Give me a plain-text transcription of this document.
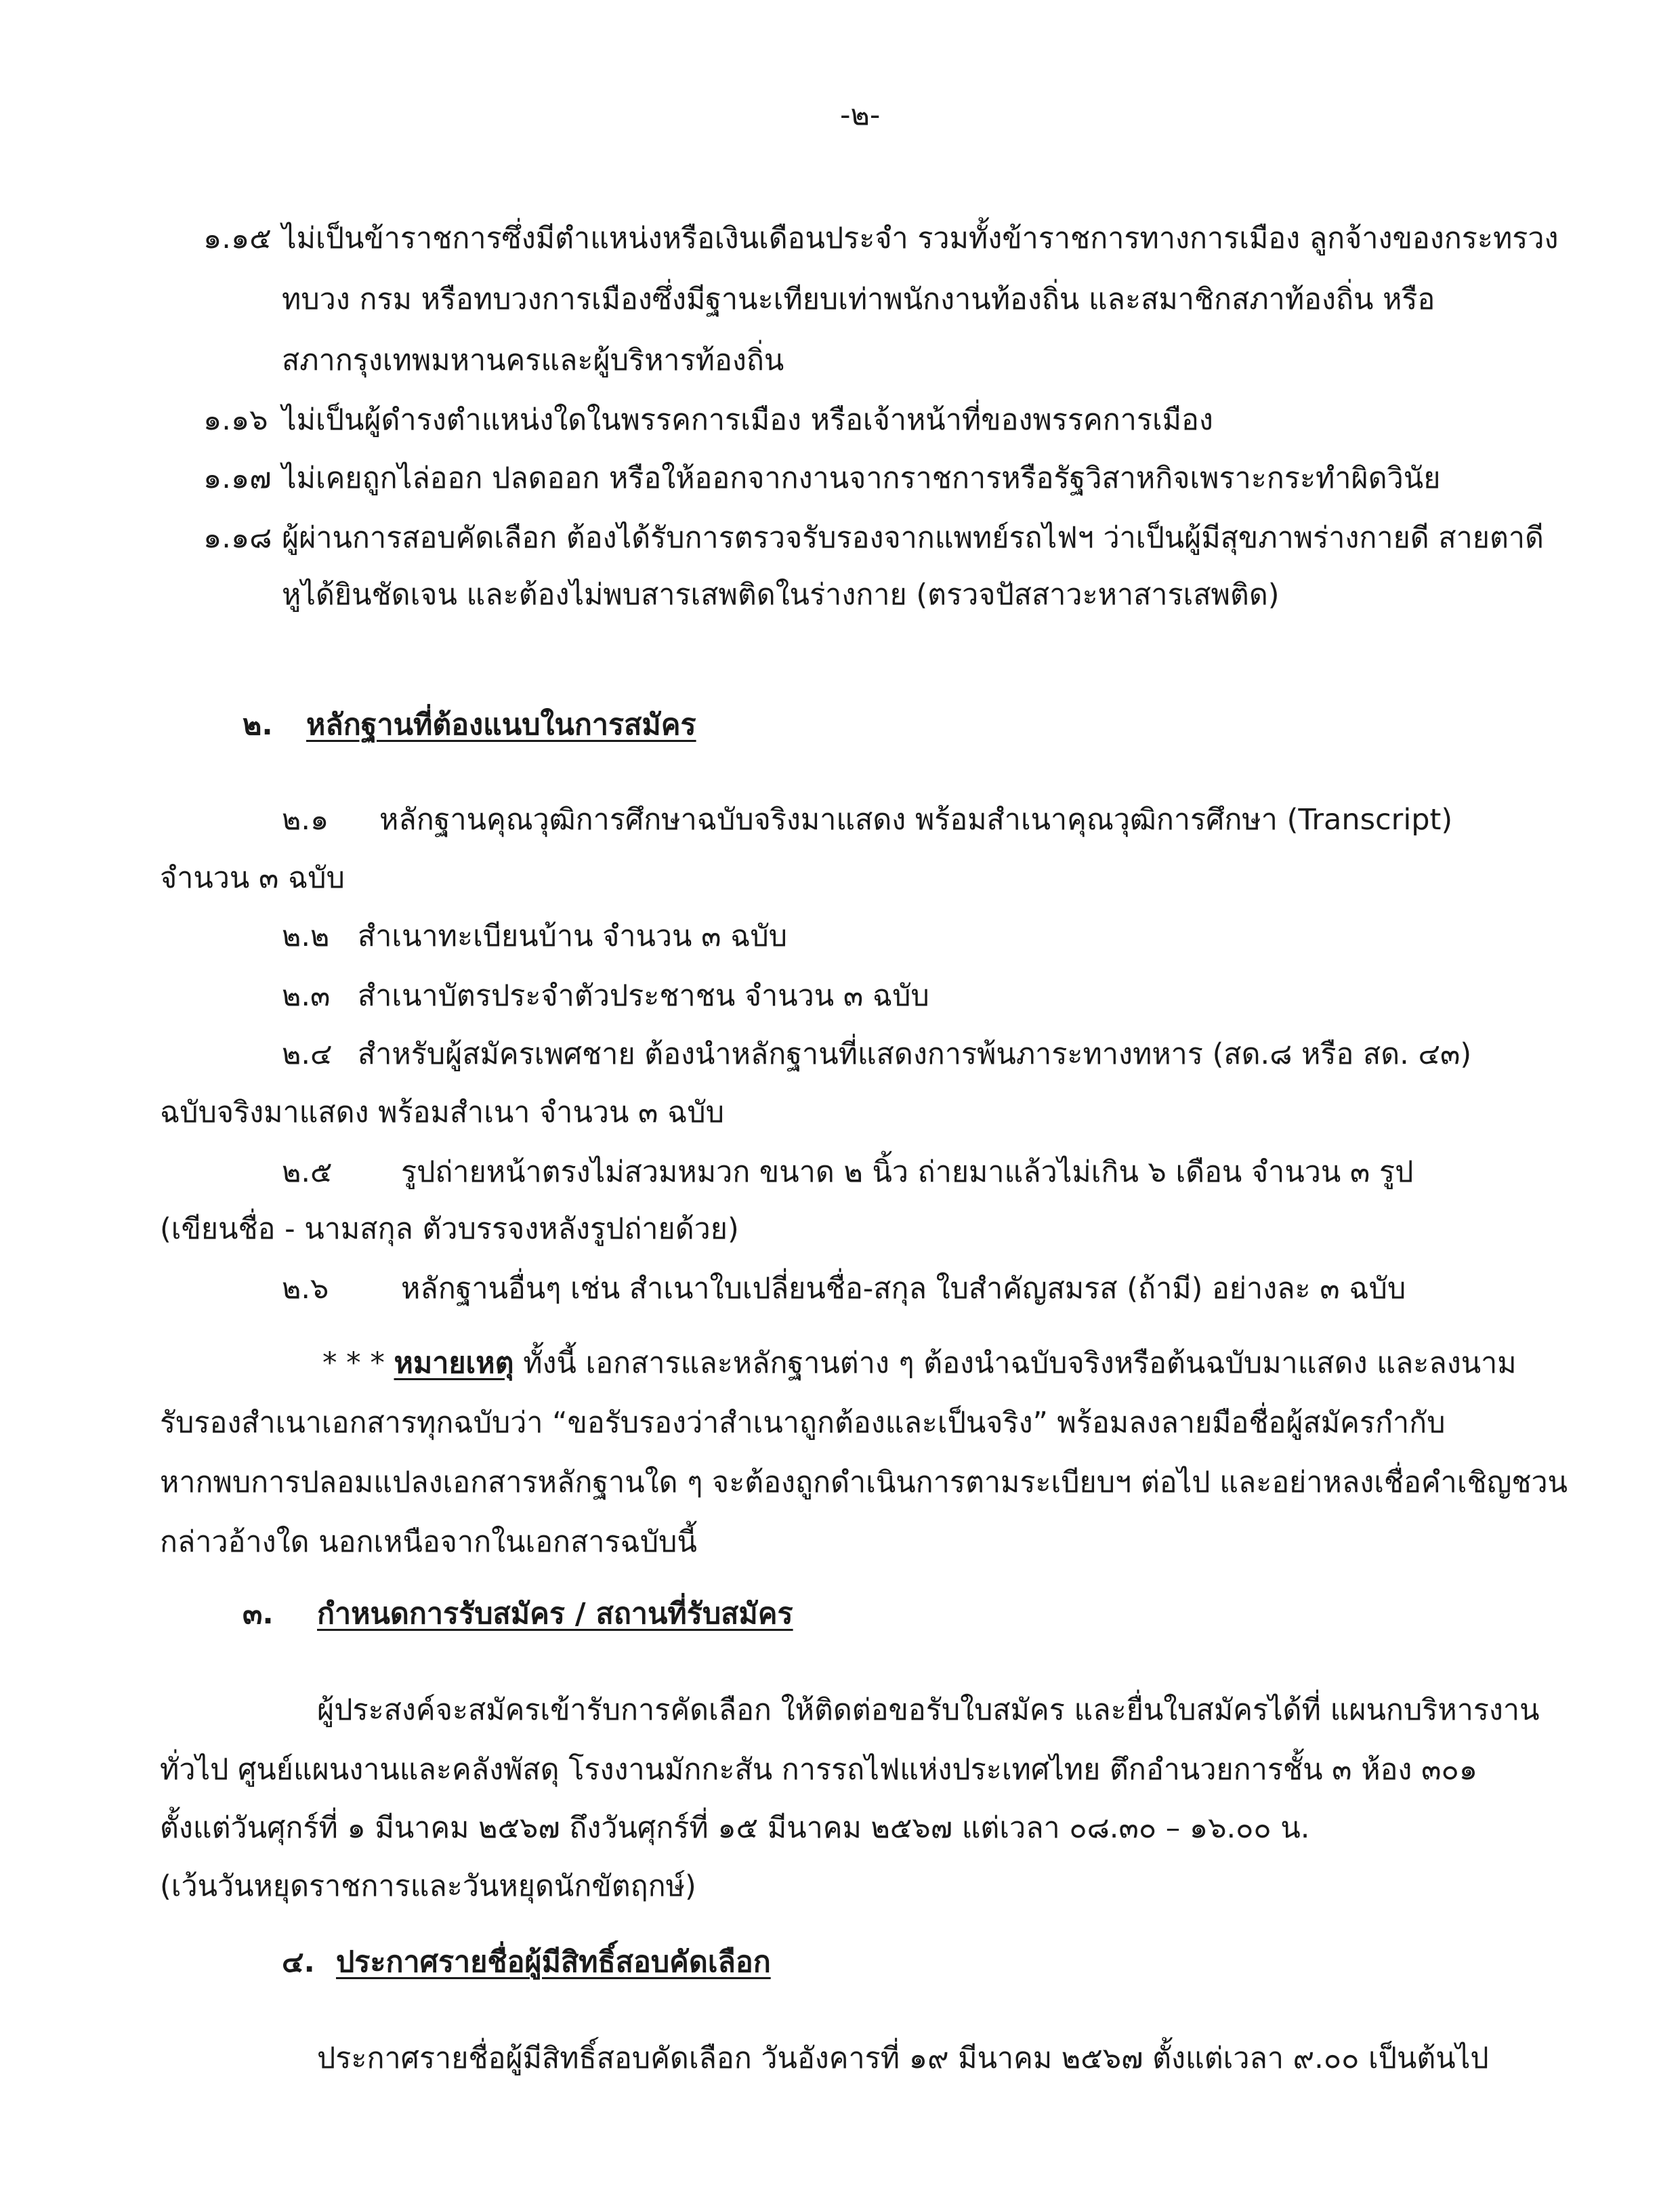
-๒-
๑.๑๕ ไม่เป็นข้าราชการซึ่งมีตำแหน่งหรือเงินเดือนประจำ รวมทั้งข้าราชการทางการเมือง ลูกจ้างของกระทรวง
ทบวง กรม หรือทบวงการเมืองซึ่งมีฐานะเทียบเท่าพนักงานท้องถิ่น และสมาชิกสภาท้องถิ่น หรือ
สภากรุงเทพมหานครและผู้บริหารท้องถิ่น
๑.๑๖ ไม่เป็นผู้ดำรงตำแหน่งใดในพรรคการเมือง หรือเจ้าหน้าที่ของพรรคการเมือง
๑.๑๗ ไม่เคยถูกไล่ออก ปลดออก หรือให้ออกจากงานจากราชการหรือรัฐวิสาหกิจเพราะกระทำผิดวินัย
๑.๑๘ ผู้ผ่านการสอบคัดเลือก ต้องได้รับการตรวจรับรองจากแพทย์รถไฟฯ ว่าเป็นผู้มีสุขภาพร่างกายดี สายตาดี
หูได้ยินชัดเจน และต้องไม่พบสารเสพติดในร่างกาย (ตรวจปัสสาวะหาสารเสพติด)
๒. หลักฐานที่ต้องแนบในการสมัคร
๒.๑ หลักฐานคุณวุฒิการศึกษาฉบับจริงมาแสดง พร้อมสำเนาคุณวุฒิการศึกษา (Transcript)
จำนวน ๓ ฉบับ
๒.๒ สำเนาทะเบียนบ้าน จำนวน ๓ ฉบับ
๒.๓ สำเนาบัตรประจำตัวประชาชน จำนวน ๓ ฉบับ
๒.๔ สำหรับผู้สมัครเพศชาย ต้องนำหลักฐานที่แสดงการพ้นภาระทางทหาร (สด.๘ หรือ สด. ๔๓)
ฉบับจริงมาแสดง พร้อมสำเนา จำนวน ๓ ฉบับ
๒.๕ รูปถ่ายหน้าตรงไม่สวมหมวก ขนาด ๒ นิ้ว ถ่ายมาแล้วไม่เกิน ๖ เดือน จำนวน ๓ รูป
(เขียนชื่อ - นามสกุล ตัวบรรจงหลังรูปถ่ายด้วย)
๒.๖ หลักฐานอื่นๆ เช่น สำเนาใบเปลี่ยนชื่อ-สกุล ใบสำคัญสมรส (ถ้ามี) อย่างละ ๓ ฉบับ
* * * หมายเหตุ ทั้งนี้ เอกสารและหลักฐานต่าง ๆ ต้องนำฉบับจริงหรือต้นฉบับมาแสดง และลงนาม
รับรองสำเนาเอกสารทุกฉบับว่า “ขอรับรองว่าสำเนาถูกต้องและเป็นจริง” พร้อมลงลายมือชื่อผู้สมัครกำกับ
หากพบการปลอมแปลงเอกสารหลักฐานใด ๆ จะต้องถูกดำเนินการตามระเบียบฯ ต่อไป และอย่าหลงเชื่อคำเชิญชวน
กล่าวอ้างใด นอกเหนือจากในเอกสารฉบับนี้
๓. กำหนดการรับสมัคร / สถานที่รับสมัคร
ผู้ประสงค์จะสมัครเข้ารับการคัดเลือก ให้ติดต่อขอรับใบสมัคร และยื่นใบสมัครได้ที่ แผนกบริหารงาน
ทั่วไป ศูนย์แผนงานและคลังพัสดุ โรงงานมักกะสัน การรถไฟแห่งประเทศไทย ตึกอำนวยการชั้น ๓ ห้อง ๓๐๑
ตั้งแต่วันศุกร์ที่ ๑ มีนาคม ๒๕๖๗ ถึงวันศุกร์ที่ ๑๕ มีนาคม ๒๕๖๗ แต่เวลา ๐๘.๓๐ – ๑๖.๐๐ น.
(เว้นวันหยุดราชการและวันหยุดนักขัตฤกษ์)
๔. ประกาศรายชื่อผู้มีสิทธิ์สอบคัดเลือก
ประกาศรายชื่อผู้มีสิทธิ์สอบคัดเลือก วันอังคารที่ ๑๙ มีนาคม ๒๕๖๗ ตั้งแต่เวลา ๙.๐๐ เป็นต้นไป
